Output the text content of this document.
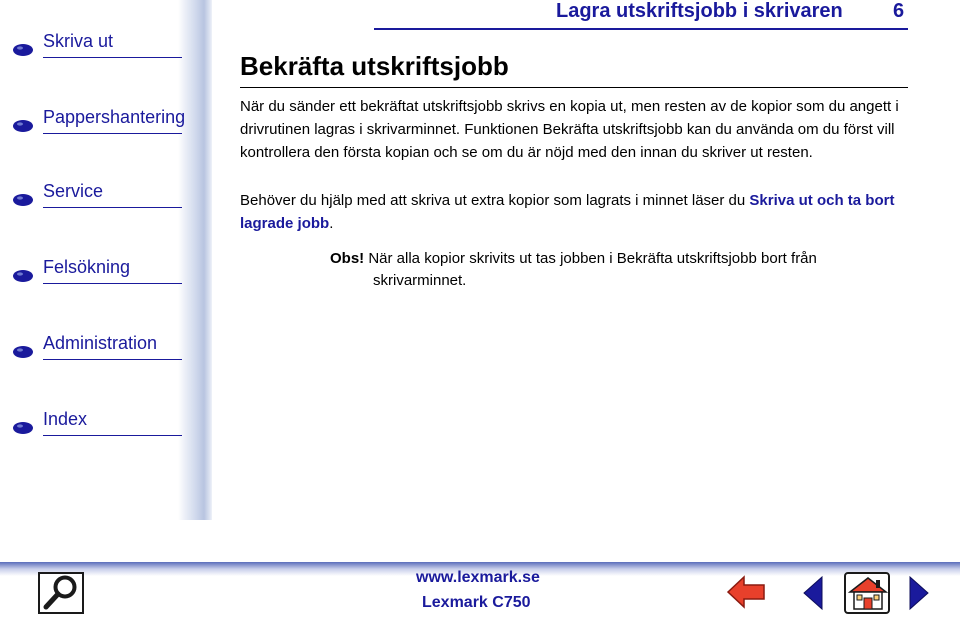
Skriva ut
Pappershantering
Service
Felsökning
Administration
Index
Lagra utskriftsjobb i skrivaren	6
Bekräfta utskriftsjobb

När du sänder ett bekräftat utskriftsjobb skrivs en kopia ut, men resten av de kopior som du angett i drivrutinen lagras i skrivarminnet. Funktionen Bekräfta utskriftsjobb kan du använda om du först vill kontrollera den första kopian och se om du är nöjd med den innan du skriver ut resten.

Behöver du hjälp med att skriva ut extra kopior som lagrats i minnet läser du Skriva ut och ta bort lagrade jobb.

Obs! När alla kopior skrivits ut tas jobben i Bekräfta utskriftsjobb bort från skrivarminnet.

Lexmark C750
www.lexmark.se
